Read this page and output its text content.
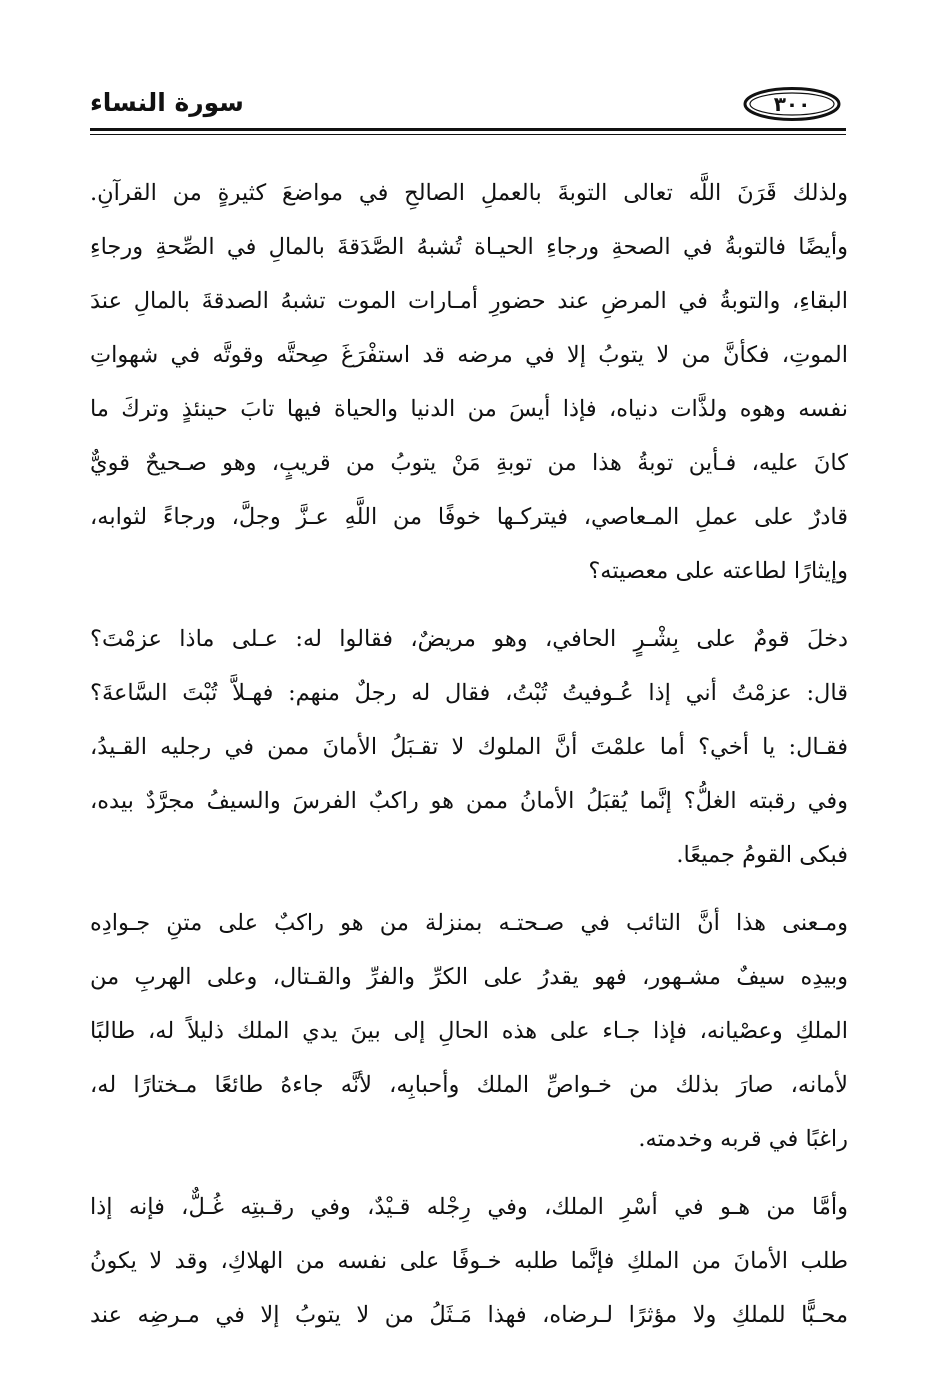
سورة النساء	٣٠٠
ولذلك قَرَنَ اللَّه تعالى التوبةَ بالعملِ الصالحِ في مواضعَ كثيرةٍ من القرآنِ.
وأيضًا فالتوبةُ في الصحةِ ورجاءِ الحيـاة تُشبهُ الصَّدَقةَ بالمالِ في الصِّحةِ ورجاءِ
البقاءِ، والتوبةُ في المرضِ عند حضورِ أمـارات الموت تشبهُ الصدقةَ بالمالِ عندَ
الموتِ، فكأنَّ من لا يتوبُ إلا في مرضه قد استفْرَغَ صِحتَّه وقوتَّه في شهواتِ
نفسه وهوه ولذَّات دنياه، فإذا أيسَ من الدنيا والحياة فيها تابَ حينئذٍ وتركَ ما
كانَ عليه، فـأين توبةُ هذا من توبةِ مَنْ يتوبُ من قريبٍ، وهو صـحيحٌ قويٌّ
قادرٌ على عملِ المـعاصي، فيتركـها خوفًا من اللَّهِ عـزَّ وجلَّ، ورجاءً لثوابه،
وإيثارًا لطاعته على معصيته؟
دخلَ قومٌ على بِشْـرٍ الحافي، وهو مريضٌ، فقالوا له: عـلى ماذا عزمْتَ؟
قال: عزمْتُ أني إذا عُـوفيتُ تُبْتُ، فقال له رجلٌ منهم: فهـلاَّ تُبْتَ السَّاعةَ؟
فقـال: يا أخي؟ أما علمْتَ أنَّ الملوك لا تقـبَلُ الأمانَ ممن في رجليه القـيدُ،
وفي رقبته الغلُّ؟ إنَّما يُقبَلُ الأمانُ ممن هو راكبٌ الفرسَ والسيفُ مجرَّدٌ بيده،
فبكى القومُ جميعًا.
ومـعنى هذا أنَّ التائب في صـحتـه بمنزلة من هو راكبٌ على متنِ جـوادِه
وبيدِه سيفٌ مشـهور، فهو يقدرُ على الكرِّ والفرِّ والقـتال، وعلى الهربِ من
الملكِ وعصْيانه، فإذا جـاء على هذه الحالِ إلى بينَ يدي الملك ذليلاً له، طالبًا
لأمانه، صارَ بذلك من خـواصِّ الملك وأحبابِه، لأنَّه جاءهُ طائعًا مـختارًا له،
راغبًا في قربه وخدمته.
وأمَّا من هـو في أسْرِ الملك، وفي رِجْله قـيْدٌ، وفي رقـبتِه غُـلٌّ، فإنه إذا
طلب الأمانَ من الملكِ فإنَّما طلبه خـوفًا على نفسه من الهلاكِ، وقد لا يكونُ
محـبًّا للملكِ ولا مؤثرًا لـرضاه، فهذا مَـثَلُ من لا يتوبُ إلا في مـرضِه عند
